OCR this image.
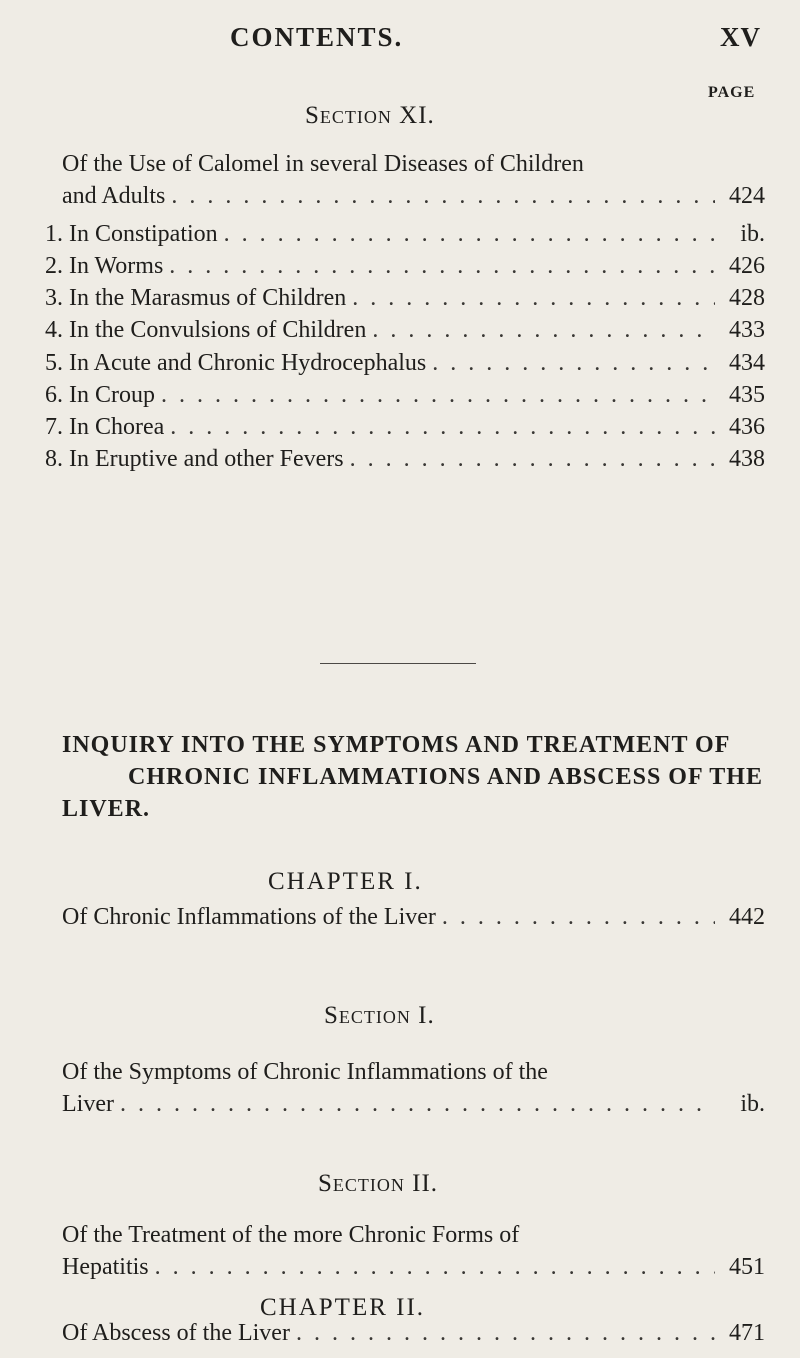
CONTENTS.	XV
PAGE
Section XI.
Of the Use of Calomel in several Diseases of Children
and Adults . . .	424
1. In Constipation . . .	ib.
2. In Worms . . .	426
3. In the Marasmus of Children . . .	428
4. In the Convulsions of Children . . .	433
5. In Acute and Chronic Hydrocephalus . . .	434
6. In Croup . . .	435
7. In Chorea . . .	436
8. In Eruptive and other Fevers . . .	438
INQUIRY INTO THE SYMPTOMS AND TREATMENT OF
CHRONIC INFLAMMATIONS AND ABSCESS OF THE
LIVER.
CHAPTER I.
Of Chronic Inflammations of the Liver . . .	442
Section I.
Of the Symptoms of Chronic Inflammations of the
Liver . . .	ib.
Section II.
Of the Treatment of the more Chronic Forms of
Hepatitis . . .	451
CHAPTER II.
Of Abscess of the Liver . . .	471
